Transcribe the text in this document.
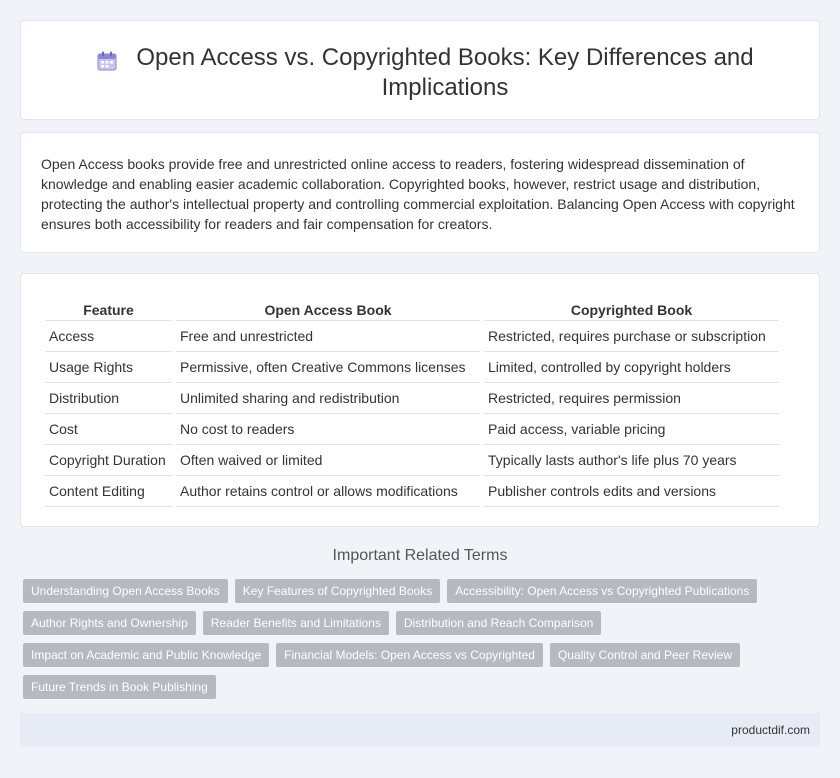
Open Access vs. Copyrighted Books: Key Differences and Implications

Open Access books provide free and unrestricted online access to readers, fostering widespread dissemination of knowledge and enabling easier academic collaboration. Copyrighted books, however, restrict usage and distribution, protecting the author's intellectual property and controlling commercial exploitation. Balancing Open Access with copyright ensures both accessibility for readers and fair compensation for creators.

Feature	Open Access Book	Copyrighted Book
Access	Free and unrestricted	Restricted, requires purchase or subscription
Usage Rights	Permissive, often Creative Commons licenses	Limited, controlled by copyright holders
Distribution	Unlimited sharing and redistribution	Restricted, requires permission
Cost	No cost to readers	Paid access, variable pricing
Copyright Duration	Often waived or limited	Typically lasts author's life plus 70 years
Content Editing	Author retains control or allows modifications	Publisher controls edits and versions
Important Related Terms
Understanding Open Access Books	Key Features of Copyrighted Books	Accessibility: Open Access vs Copyrighted Publications
Author Rights and Ownership	Reader Benefits and Limitations	Distribution and Reach Comparison
Impact on Academic and Public Knowledge	Financial Models: Open Access vs Copyrighted	Quality Control and Peer Review
Future Trends in Book Publishing
productdif.com
